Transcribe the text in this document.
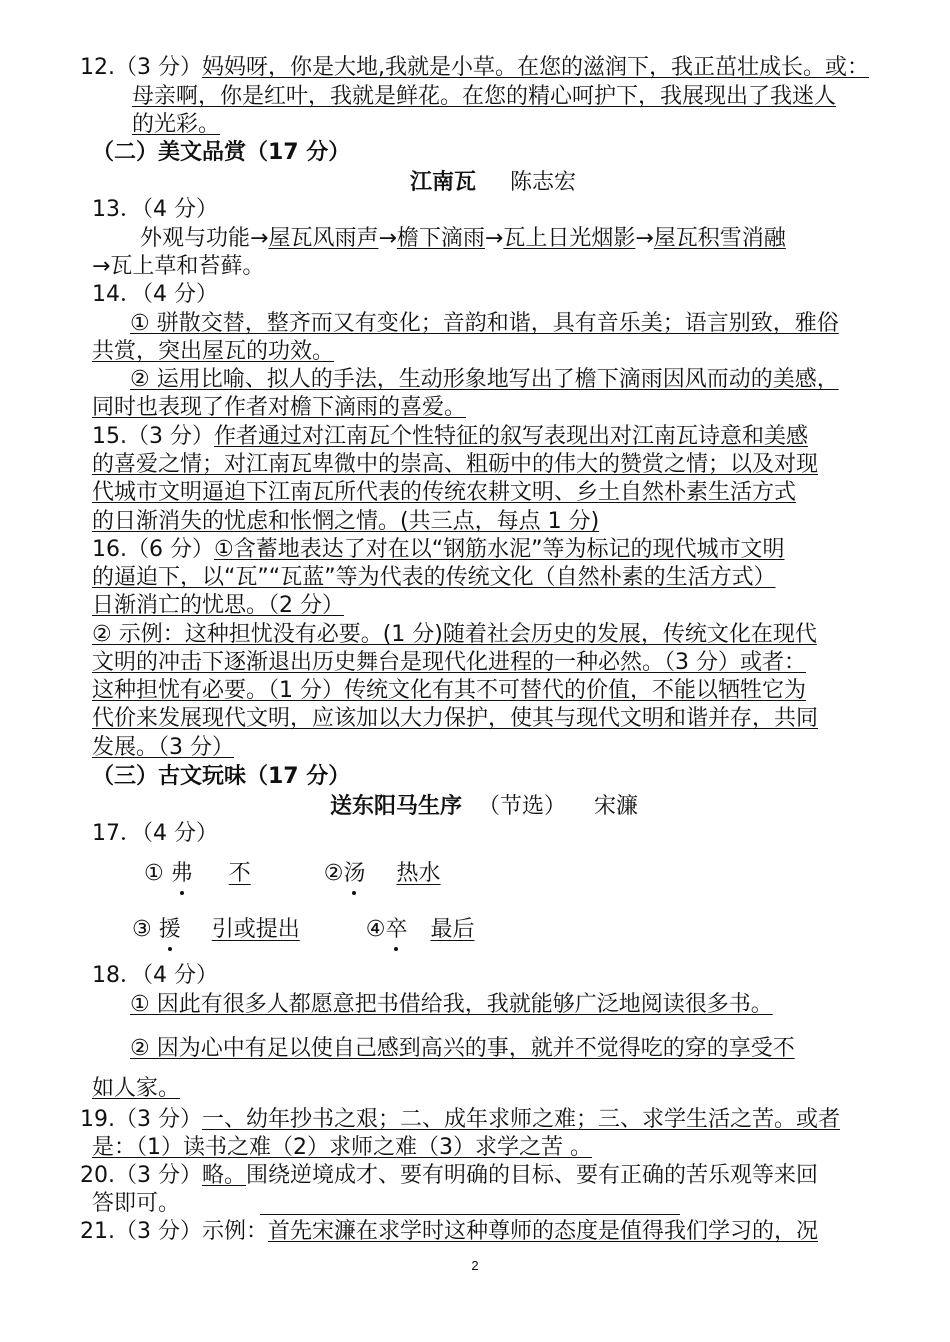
12.（3 分）妈妈呀，你是大地,我就是小草。在您的滋润下，我正茁壮成长。或：
母亲啊，你是红叶，我就是鲜花。在您的精心呵护下，我展现出了我迷人
的光彩。
（二）美文品赏（17 分）
江南瓦 陈志宏
13．（4 分）
外观与功能→屋瓦风雨声→檐下滴雨→瓦上日光烟影→屋瓦积雪消融
→瓦上草和苔藓。
14．（4 分）
① 骈散交替，整齐而又有变化；音韵和谐，具有音乐美；语言别致，雅俗
共赏，突出屋瓦的功效。
② 运用比喻、拟人的手法，生动形象地写出了檐下滴雨因风而动的美感，
同时也表现了作者对檐下滴雨的喜爱。
15.（3 分）作者通过对江南瓦个性特征的叙写表现出对江南瓦诗意和美感
的喜爱之情；对江南瓦卑微中的崇高、粗砺中的伟大的赞赏之情；以及对现
代城市文明逼迫下江南瓦所代表的传统农耕文明、乡土自然朴素生活方式
的日渐消失的忧虑和怅惘之情。(共三点，每点 1 分)
16.（6 分）①含蓄地表达了对在以“钢筋水泥”等为标记的现代城市文明
的逼迫下，以“瓦”“瓦蓝”等为代表的传统文化（自然朴素的生活方式）
日渐消亡的忧思。（2 分）
② 示例：这种担忧没有必要。(1 分)随着社会历史的发展，传统文化在现代
文明的冲击下逐渐退出历史舞台是现代化进程的一种必然。（3 分）或者：
这种担忧有必要。（1 分）传统文化有其不可替代的价值，不能以牺牲它为
代价来发展现代文明，应该加以大力保护，使其与现代文明和谐并存，共同
发展。（3 分）
（三）古文玩味（17 分）
送东阳马生序 （节选） 宋濂
17．（4 分）
① 弗 不	②汤 热水
③ 援 引或提出	④卒 最后
18．（4 分）
① 因此有很多人都愿意把书借给我，我就能够广泛地阅读很多书。
② 因为心中有足以使自己感到高兴的事，就并不觉得吃的穿的享受不
如人家。
19.（3 分）一、幼年抄书之艰；二、成年求师之难；三、求学生活之苦。或者
是：（1）读书之难（2）求师之难（3）求学之苦 。
20.（3 分）略。围绕逆境成才、要有明确的目标、要有正确的苦乐观等来回
答即可。
21.（3 分）示例：首先宋濂在求学时这种尊师的态度是值得我们学习的，况
2
